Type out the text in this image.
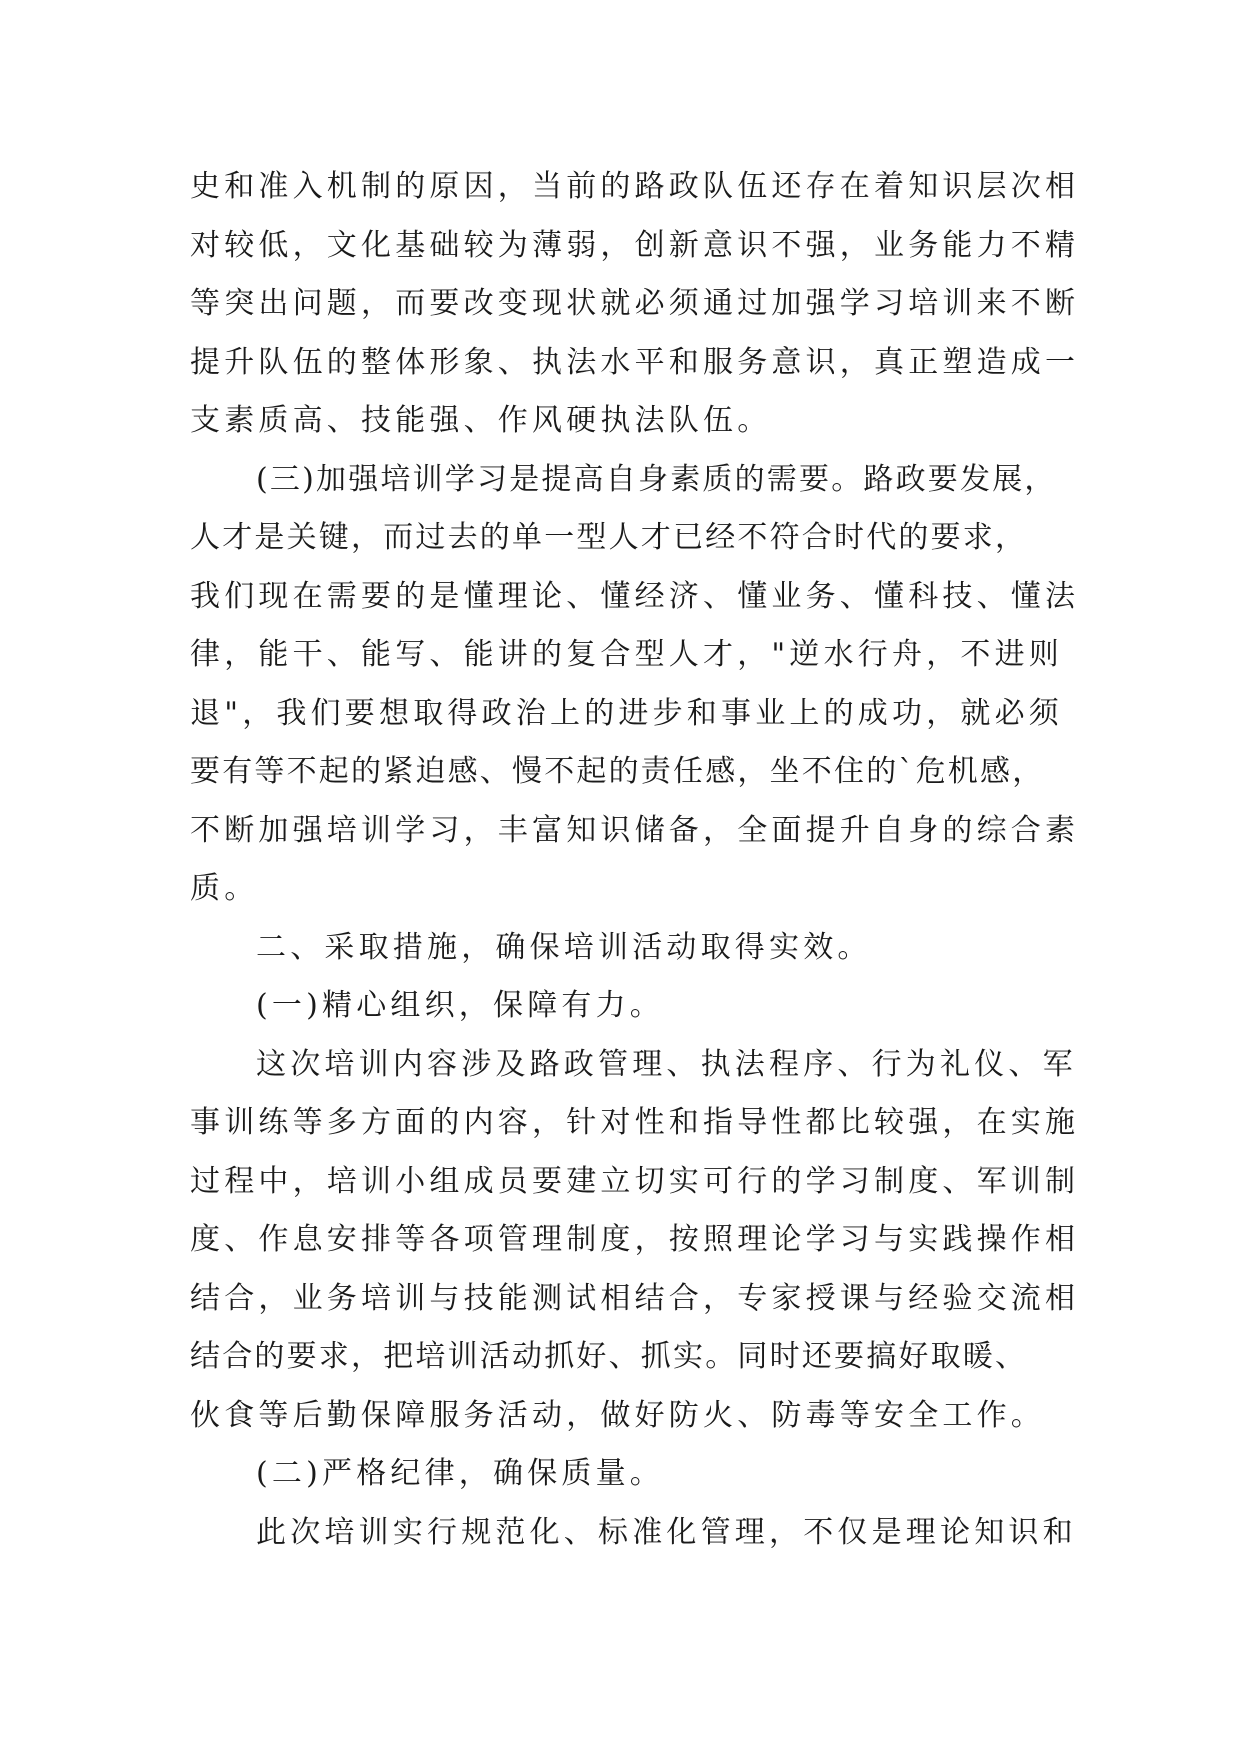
史和准入机制的原因，当前的路政队伍还存在着知识层次相
对较低，文化基础较为薄弱，创新意识不强，业务能力不精
等突出问题，而要改变现状就必须通过加强学习培训来不断
提升队伍的整体形象、执法水平和服务意识，真正塑造成一
支素质高、技能强、作风硬执法队伍。
(三)加强培训学习是提高自身素质的需要。路政要发展，
人才是关键，而过去的单一型人才已经不符合时代的要求，
我们现在需要的是懂理论、懂经济、懂业务、懂科技、懂法
律，能干、能写、能讲的复合型人才，"逆水行舟，不进则
退"，我们要想取得政治上的进步和事业上的成功，就必须
要有等不起的紧迫感、慢不起的责任感，坐不住的`危机感，
不断加强培训学习，丰富知识储备，全面提升自身的综合素
质。
二、采取措施，确保培训活动取得实效。
(一)精心组织，保障有力。
这次培训内容涉及路政管理、执法程序、行为礼仪、军
事训练等多方面的内容，针对性和指导性都比较强，在实施
过程中，培训小组成员要建立切实可行的学习制度、军训制
度、作息安排等各项管理制度，按照理论学习与实践操作相
结合，业务培训与技能测试相结合，专家授课与经验交流相
结合的要求，把培训活动抓好、抓实。同时还要搞好取暖、
伙食等后勤保障服务活动，做好防火、防毒等安全工作。
(二)严格纪律，确保质量。
此次培训实行规范化、标准化管理，不仅是理论知识和
